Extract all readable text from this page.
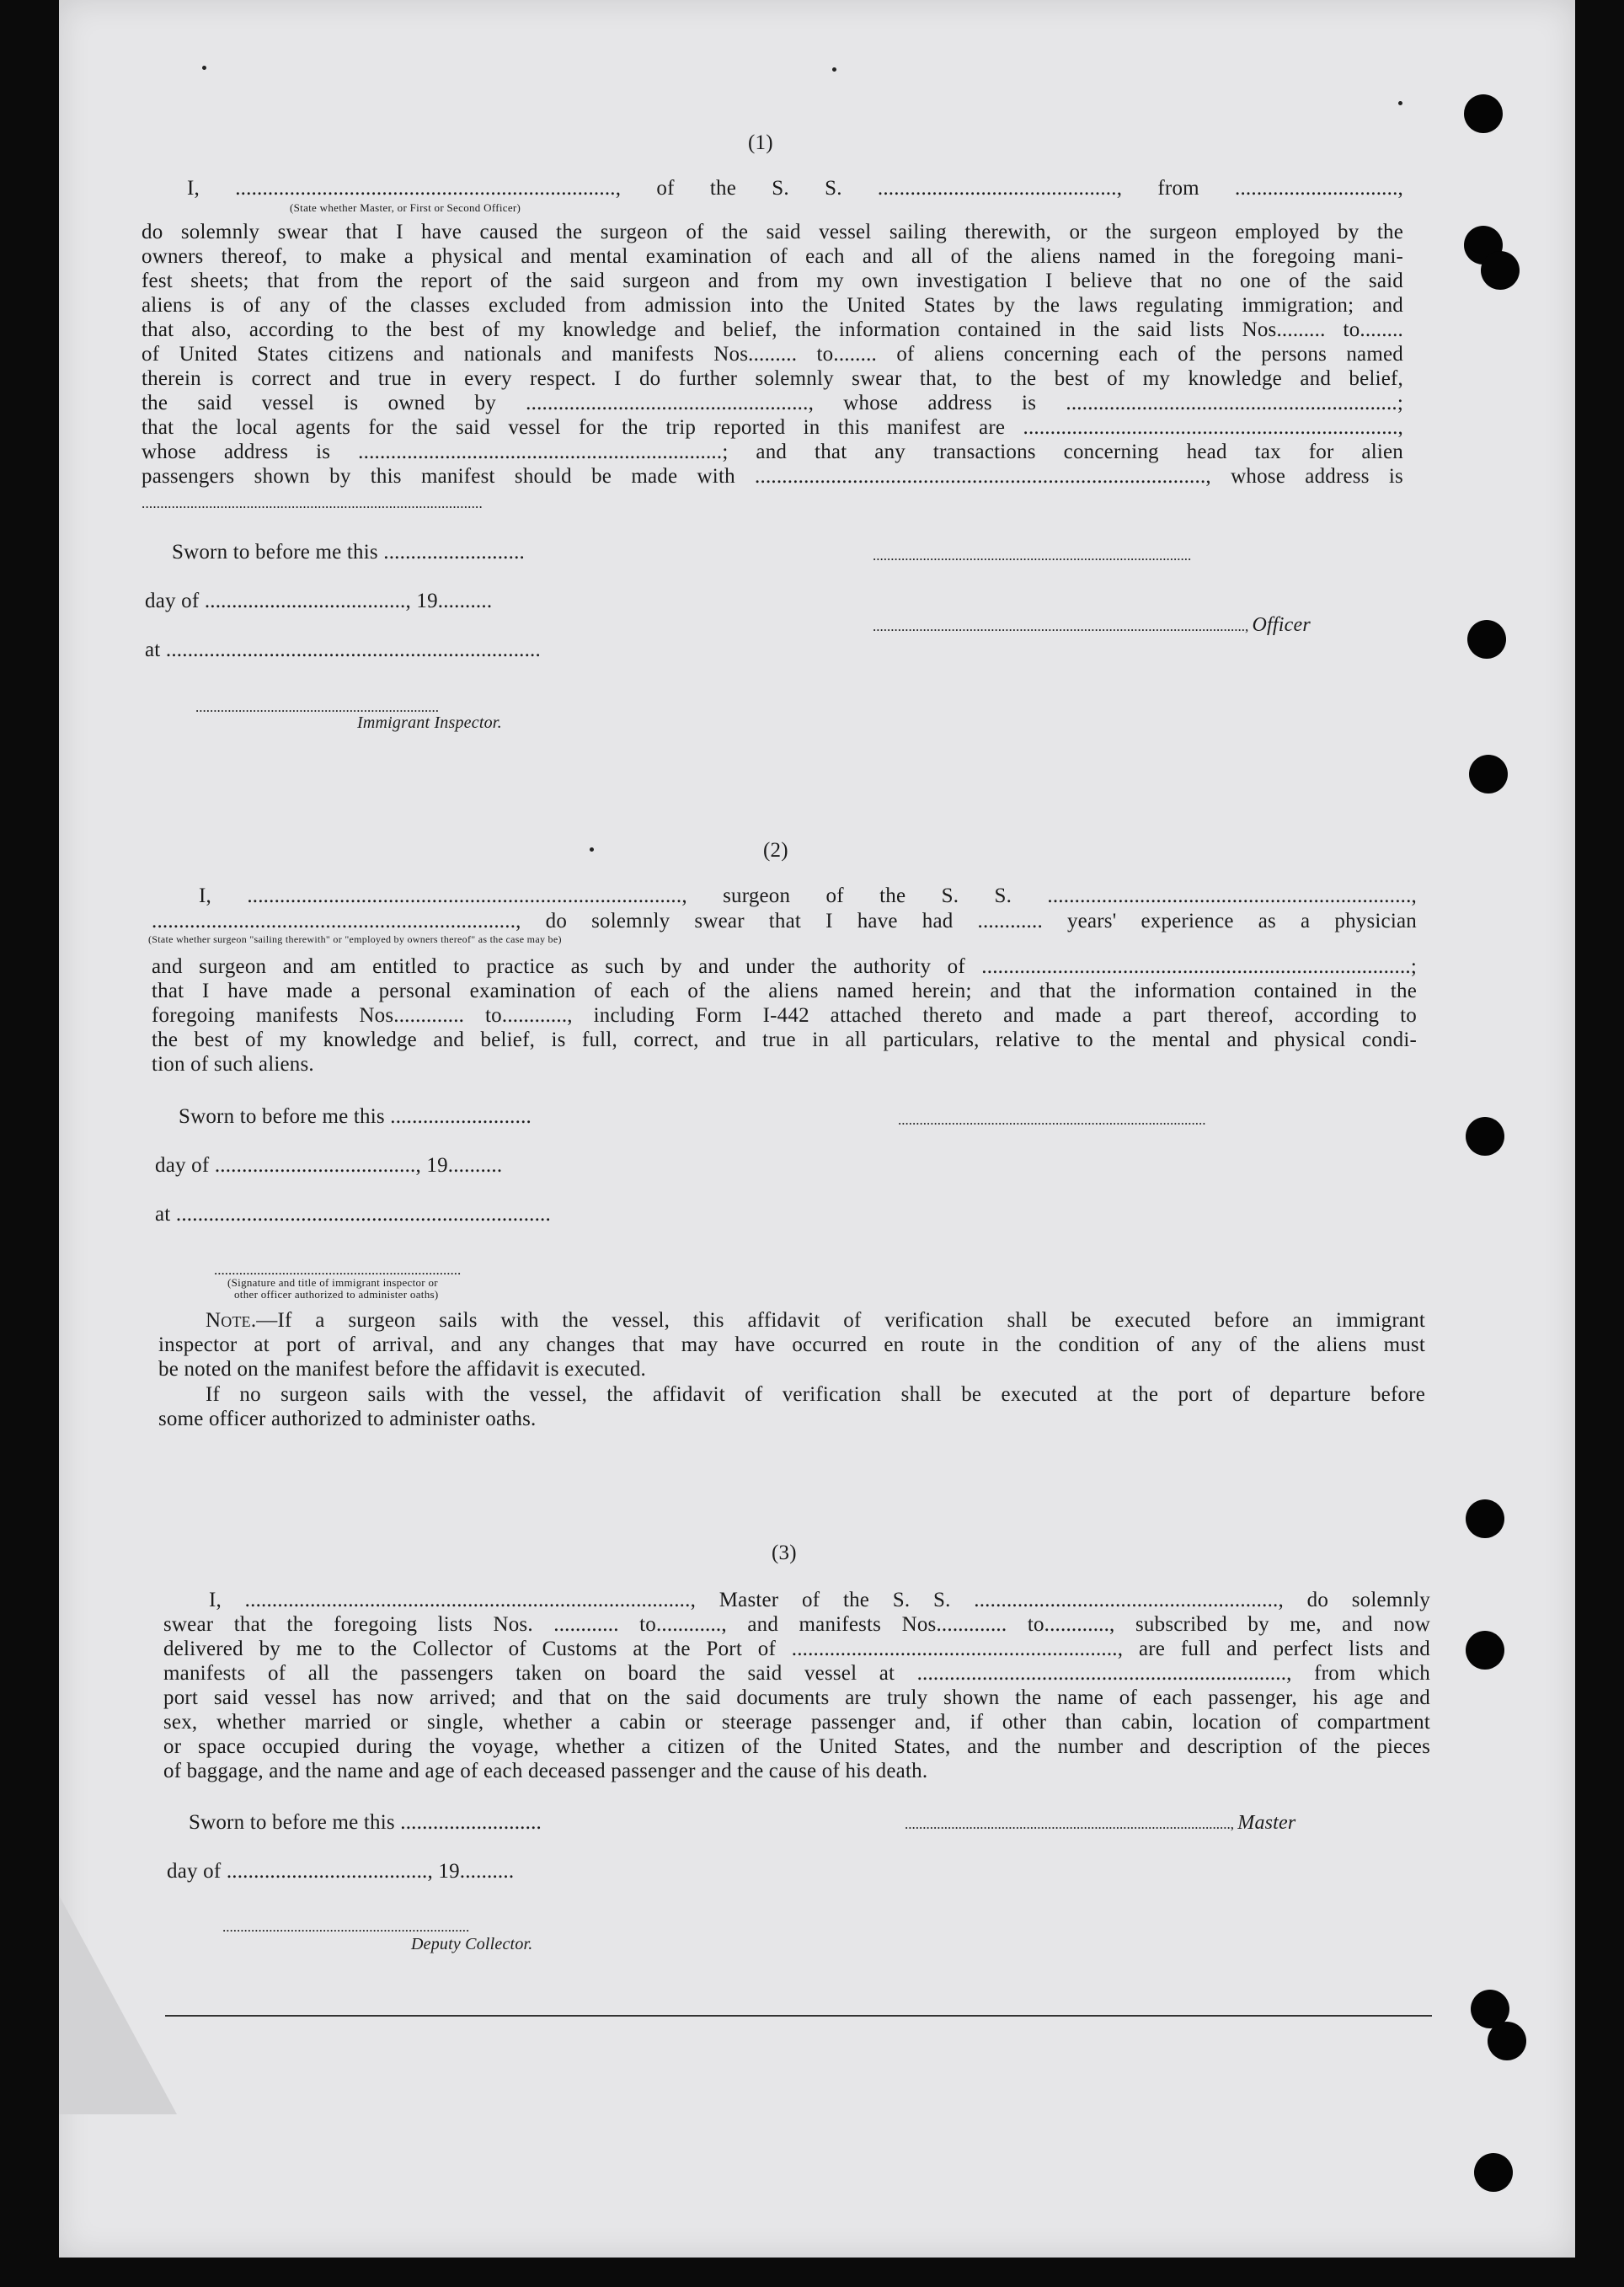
(1)
I, ......................................................................, of the S. S. ............................................, from ..............................,
(State whether Master, or First or Second Officer)
do solemnly swear that I have caused the surgeon of the said vessel sailing therewith, or the surgeon employed by the
owners thereof, to make a physical and mental examination of each and all of the aliens named in the foregoing mani-
fest sheets; that from the report of the said surgeon and from my own investigation I believe that no one of the said
aliens is of any of the classes excluded from admission into the United States by the laws regulating immigration; and
that also, according to the best of my knowledge and belief, the information contained in the said lists Nos......... to........
of United States citizens and nationals and manifests Nos......... to........ of aliens concerning each of the persons named
therein is correct and true in every respect. I do further solemnly swear that, to the best of my knowledge and belief,
the said vessel is owned by ...................................................., whose address is .............................................................;
that the local agents for the said vessel for the trip reported in this manifest are .....................................................................,
whose address is ...................................................................; and that any transactions concerning head tax for alien
passengers shown by this manifest should be made with ..................................................................................., whose address is
...........................................................................................
Sworn to before me this ..........................	.........................................................................................
day of ....................................., 19..........
........................................................................................................, Officer
at .....................................................................
....................................................................
Immigrant Inspector.
(2)
I, ................................................................................, surgeon of the S. S. ...................................................................,
..................................................................., do solemnly swear that I have had ............ years' experience as a physician
(State whether surgeon "sailing therewith" or "employed by owners thereof" as the case may be)
and surgeon and am entitled to practice as such by and under the authority of ...............................................................................;
that I have made a personal examination of each of the aliens named herein; and that the information contained in the
foregoing manifests Nos............. to............, including Form I-442 attached thereto and made a part thereof, according to
the best of my knowledge and belief, is full, correct, and true in all particulars, relative to the mental and physical condi-
tion of such aliens.
Sworn to before me this ..........................	......................................................................................
day of ....................................., 19..........
at .....................................................................
.....................................................................
(Signature and title of immigrant inspector or
other officer authorized to administer oaths)
Note.—If a surgeon sails with the vessel, this affidavit of verification shall be executed before an immigrant
inspector at port of arrival, and any changes that may have occurred en route in the condition of any of the aliens must
be noted on the manifest before the affidavit is executed.
If no surgeon sails with the vessel, the affidavit of verification shall be executed at the port of departure before
some officer authorized to administer oaths.
(3)
I, .................................................................................., Master of the S. S. ........................................................, do solemnly
swear that the foregoing lists Nos. ............ to............, and manifests Nos............. to............, subscribed by me, and now
delivered by me to the Collector of Customs at the Port of ............................................................, are full and perfect lists and
manifests of all the passengers taken on board the said vessel at ...................................................................., from which
port said vessel has now arrived; and that on the said documents are truly shown the name of each passenger, his age and
sex, whether married or single, whether a cabin or steerage passenger and, if other than cabin, location of compartment
or space occupied during the voyage, whether a citizen of the United States, and the number and description of the pieces
of baggage, and the name and age of each deceased passenger and the cause of his death.
Sworn to before me this ..........................	..........................................................................................., Master
day of ....................................., 19..........
.....................................................................
Deputy Collector.
